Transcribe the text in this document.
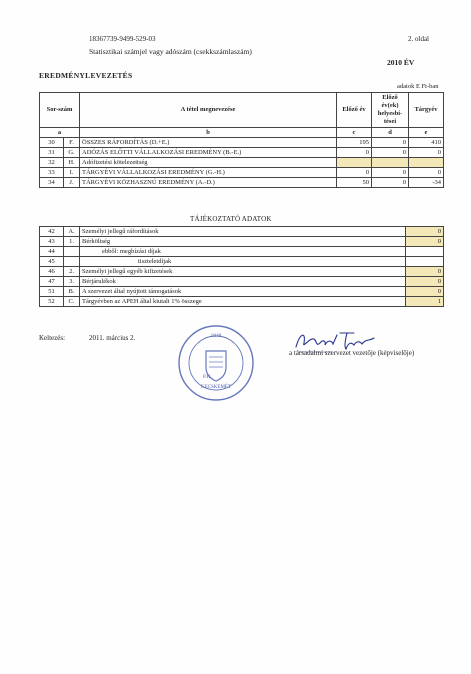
18367739-9499-529-03	2. oldal
Statisztikai számjel vagy adószám (csekkszámlaszám)
2010 ÉV
EREDMÉNYLEVEZETÉS
adatok E Ft-ban
Sor-szám		A tétel megnevezése	Előző év	Előző év(ek) helyesbí-tései	Tárgyév
a		b	c	d	e
30	F.	ÖSSZES RÁFORDÍTÁS (D.+E.)	195	0	410
31	G.	ADÓZÁS ELŐTTI VÁLLALKOZÁSI EREDMÉNY (B.-E.)	0	0	0
32	H.	Adófizetési kötelezettség			
33	I.	TÁRGYÉVI VÁLLALKOZÁSI EREDMÉNY (G.-H.)	0	0	0
34	J.	TÁRGYÉVI KÖZHASZNÚ EREDMÉNY (A.-D.)	50	0	-34
TÁJÉKOZTATÓ ADATOK
42	A.	Személyi jellegű ráfordítások	0
43	1.	Bérköltség	0
44		ebből: megbízási díjak	
45		tiszteletdíjak	
46	2.	Személyi jellegű egyéb kifizetések	0
47	3.	Bérjárulékok	0
51	B.	A szervezet által nyújtott támogatások	0
52	C.	Tárgyévben az APEH által kiutalt 1% összege	1
Keltezés:	2011. március 2.	1848
P.H.
KECSKEMÉT
a társadalmi szervezet vezetője (képviselője)
